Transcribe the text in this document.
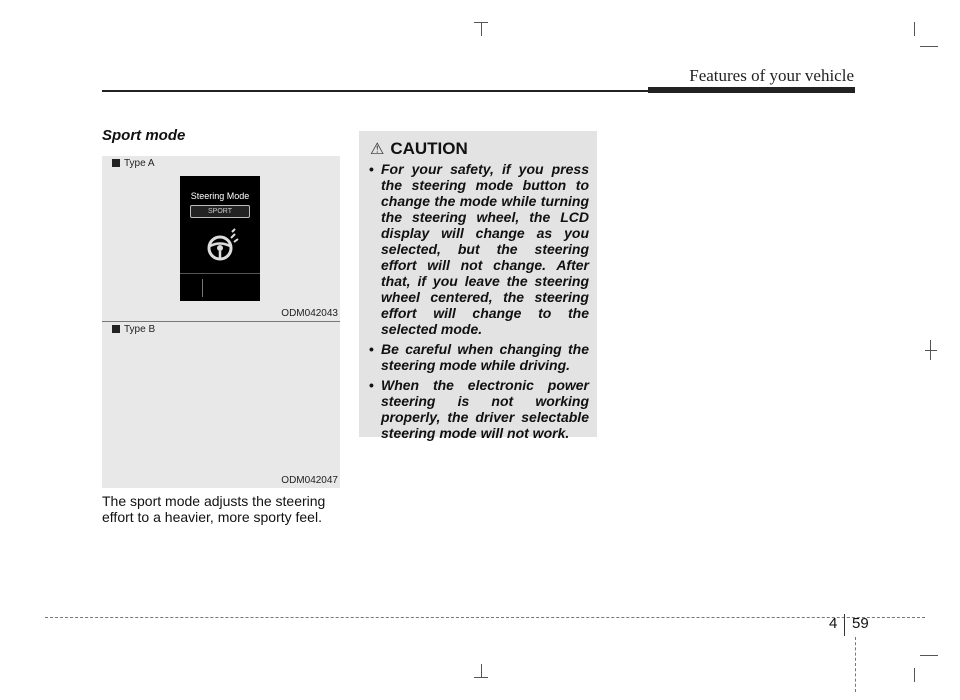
Features of your vehicle
Sport mode
Type A
Steering Mode
SPORT
ODM042043
Type B
ODM042047
The sport mode adjusts the steering effort to a heavier, more sporty feel.
⚠ CAUTION
• For your safety, if you press the steering mode button to change the mode while turning the steering wheel, the LCD display will change as you selected, but the steering effort will not change. After that, if you leave the steering wheel centered, the steering effort will change to the selected mode.
• Be careful when changing the steering mode while driving.
• When the electronic power steering is not working properly, the driver selectable steering mode will not work.
4 59
